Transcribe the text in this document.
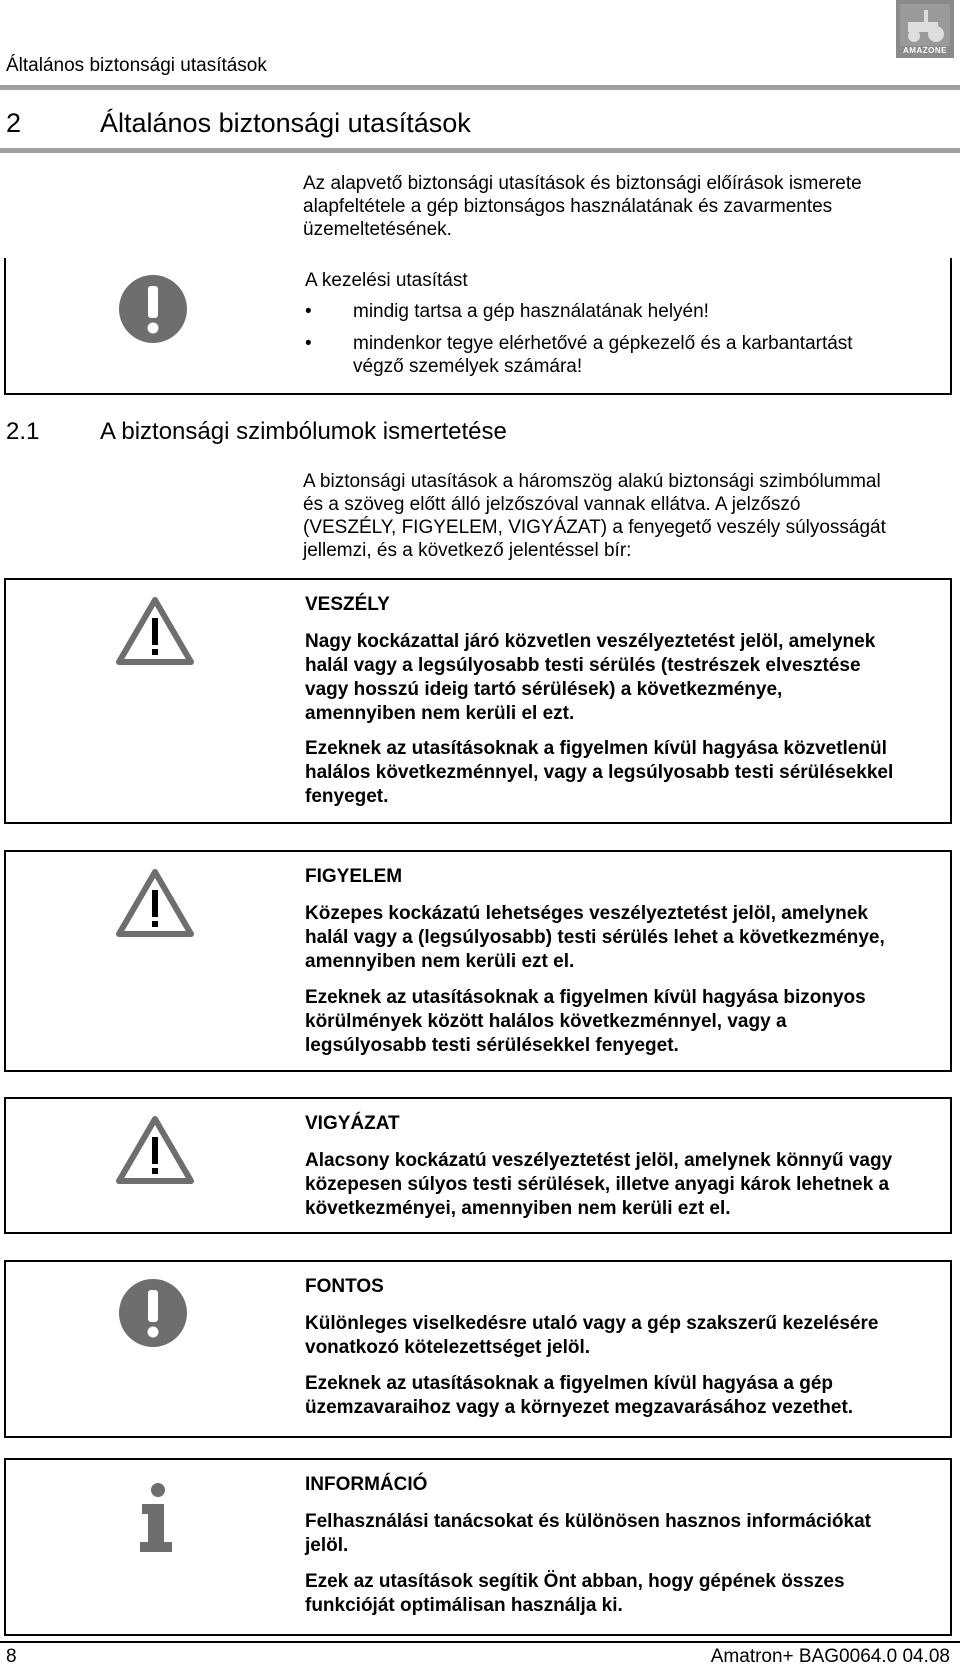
Általános biztonsági utasítások
AMAZONE
2	Általános biztonsági utasítások
Az alapvető biztonsági utasítások és biztonsági előírások ismerete
alapfeltétele a gép biztonságos használatának és zavarmentes
üzemeltetésének.
A kezelési utasítást
• mindig tartsa a gép használatának helyén!
• mindenkor tegye elérhetővé a gépkezelő és a karbantartást
végző személyek számára!
2.1	A biztonsági szimbólumok ismertetése
A biztonsági utasítások a háromszög alakú biztonsági szimbólummal
és a szöveg előtt álló jelzőszóval vannak ellátva. A jelzőszó
(VESZÉLY, FIGYELEM, VIGYÁZAT) a fenyegető veszély súlyosságát
jellemzi, és a következő jelentéssel bír:
VESZÉLY
Nagy kockázattal járó közvetlen veszélyeztetést jelöl, amelynek
halál vagy a legsúlyosabb testi sérülés (testrészek elvesztése
vagy hosszú ideig tartó sérülések) a következménye,
amennyiben nem kerüli el ezt.
Ezeknek az utasításoknak a figyelmen kívül hagyása közvetlenül
halálos következménnyel, vagy a legsúlyosabb testi sérülésekkel
fenyeget.
FIGYELEM
Közepes kockázatú lehetséges veszélyeztetést jelöl, amelynek
halál vagy a (legsúlyosabb) testi sérülés lehet a következménye,
amennyiben nem kerüli ezt el.
Ezeknek az utasításoknak a figyelmen kívül hagyása bizonyos
körülmények között halálos következménnyel, vagy a
legsúlyosabb testi sérülésekkel fenyeget.
VIGYÁZAT
Alacsony kockázatú veszélyeztetést jelöl, amelynek könnyű vagy
közepesen súlyos testi sérülések, illetve anyagi károk lehetnek a
következményei, amennyiben nem kerüli ezt el.
FONTOS
Különleges viselkedésre utaló vagy a gép szakszerű kezelésére
vonatkozó kötelezettséget jelöl.
Ezeknek az utasításoknak a figyelmen kívül hagyása a gép
üzemzavaraihoz vagy a környezet megzavarásához vezethet.
INFORMÁCIÓ
Felhasználási tanácsokat és különösen hasznos információkat
jelöl.
Ezek az utasítások segítik Önt abban, hogy gépének összes
funkcióját optimálisan használja ki.
8	Amatron+ BAG0064.0 04.08
